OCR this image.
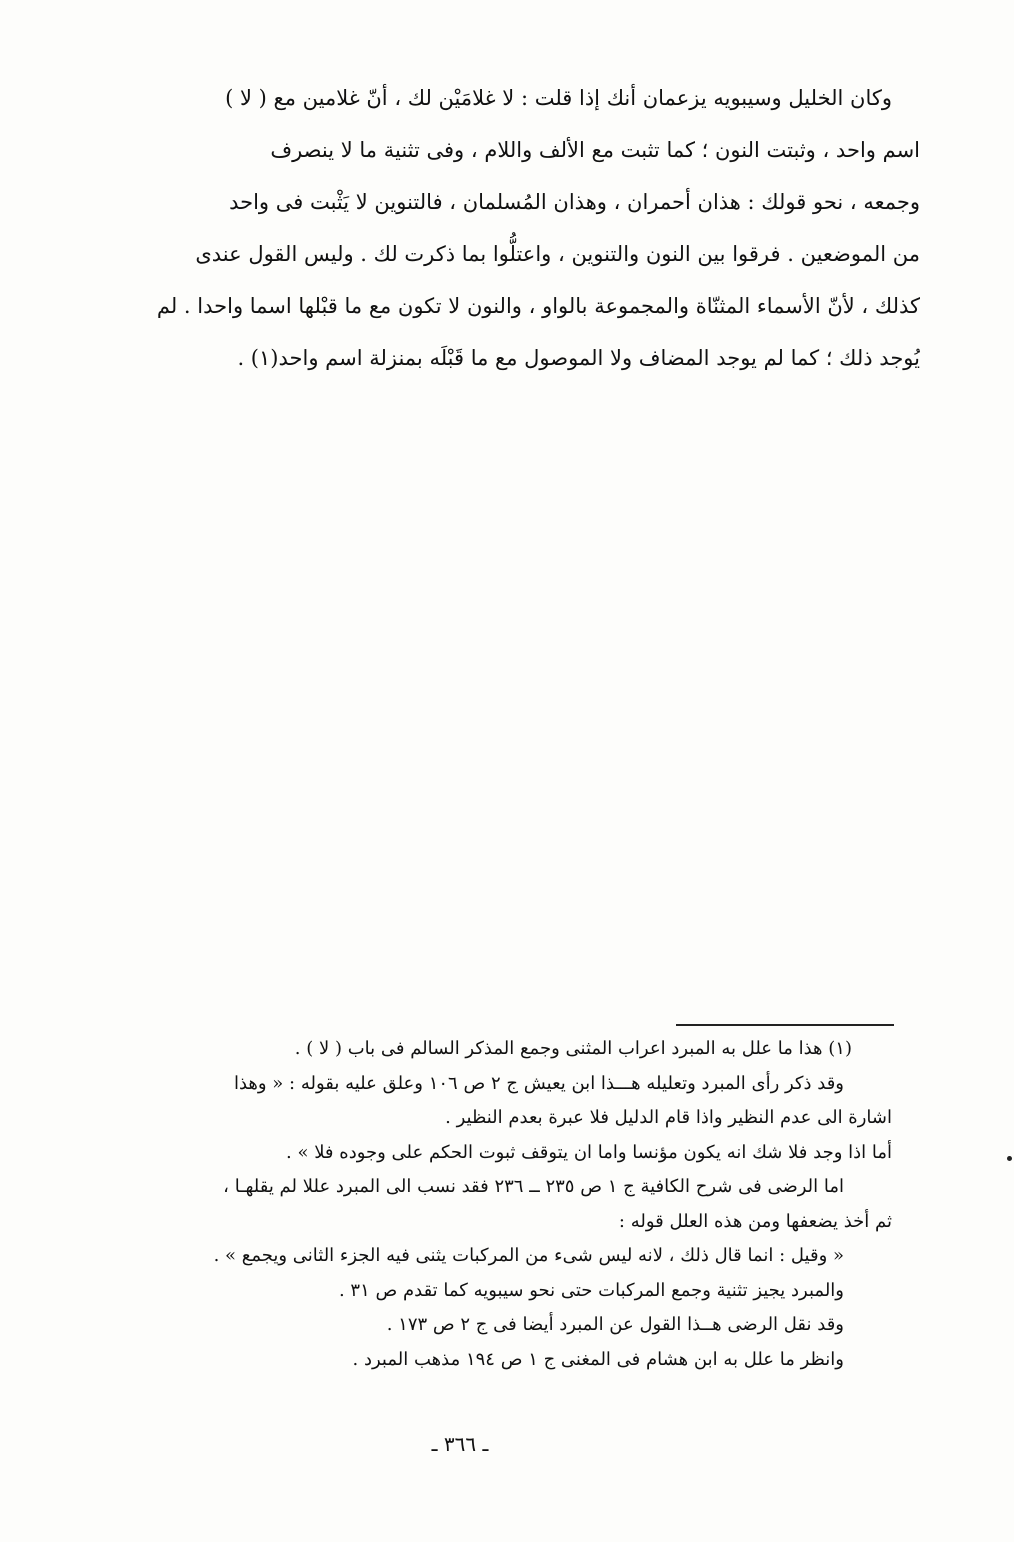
وكان الخليل وسيبويه يزعمان أنك إذا قلت : لا غلامَيْن لك ، أنّ غلامين مع ( لا )
اسم واحد ، وثبتت النون ؛ كما تثبت مع الألف واللام ، وفى تثنية ما لا ينصرف
وجمعه ، نحو قولك : هذان أحمران ، وهذان المُسلمان ، فالتنوين لا يَثْبت فى واحد
من الموضعين . فرقوا بين النون والتنوين ، واعتلُّوا بما ذكرت لك . وليس القول عندى
كذلك ، لأنّ الأسماء المثنّاة والمجموعة بالواو ، والنون لا تكون مع ما قبْلها اسما واحدا . لم
يُوجد ذلك ؛ كما لم يوجد المضاف ولا الموصول مع ما قَبْلَه بمنزلة اسم واحد(١) .
(١) هذا ما علل به المبرد اعراب المثنى وجمع المذكر السالم فى باب ( لا ) .
وقد ذكر رأى المبرد وتعليله هـــذا ابن يعيش ج ٢ ص ١٠٦ وعلق عليه بقوله : « وهذا
اشارة الى عدم النظير واذا قام الدليل فلا عبرة بعدم النظير .
أما اذا وجد فلا شك انه يكون مؤنسا واما ان يتوقف ثبوت الحكم على وجوده فلا » .
اما الرضى فى شرح الكافية ج ١ ص ٢٣٥ ــ ٢٣٦ فقد نسب الى المبرد عللا لم يقلهـا ،
ثم أخذ يضعفها ومن هذه العلل قوله :
« وقيل : انما قال ذلك ، لانه ليس شىء من المركبات يثنى فيه الجزء الثانى ويجمع » .
والمبرد يجيز تثنية وجمع المركبات حتى نحو سيبويه كما تقدم ص ٣١ .
وقد نقل الرضى هــذا القول عن المبرد أيضا فى ج ٢ ص ١٧٣ .
وانظر ما علل به ابن هشام فى المغنى ج ١ ص ١٩٤ مذهب المبرد .
ـ ٣٦٦ ـ
